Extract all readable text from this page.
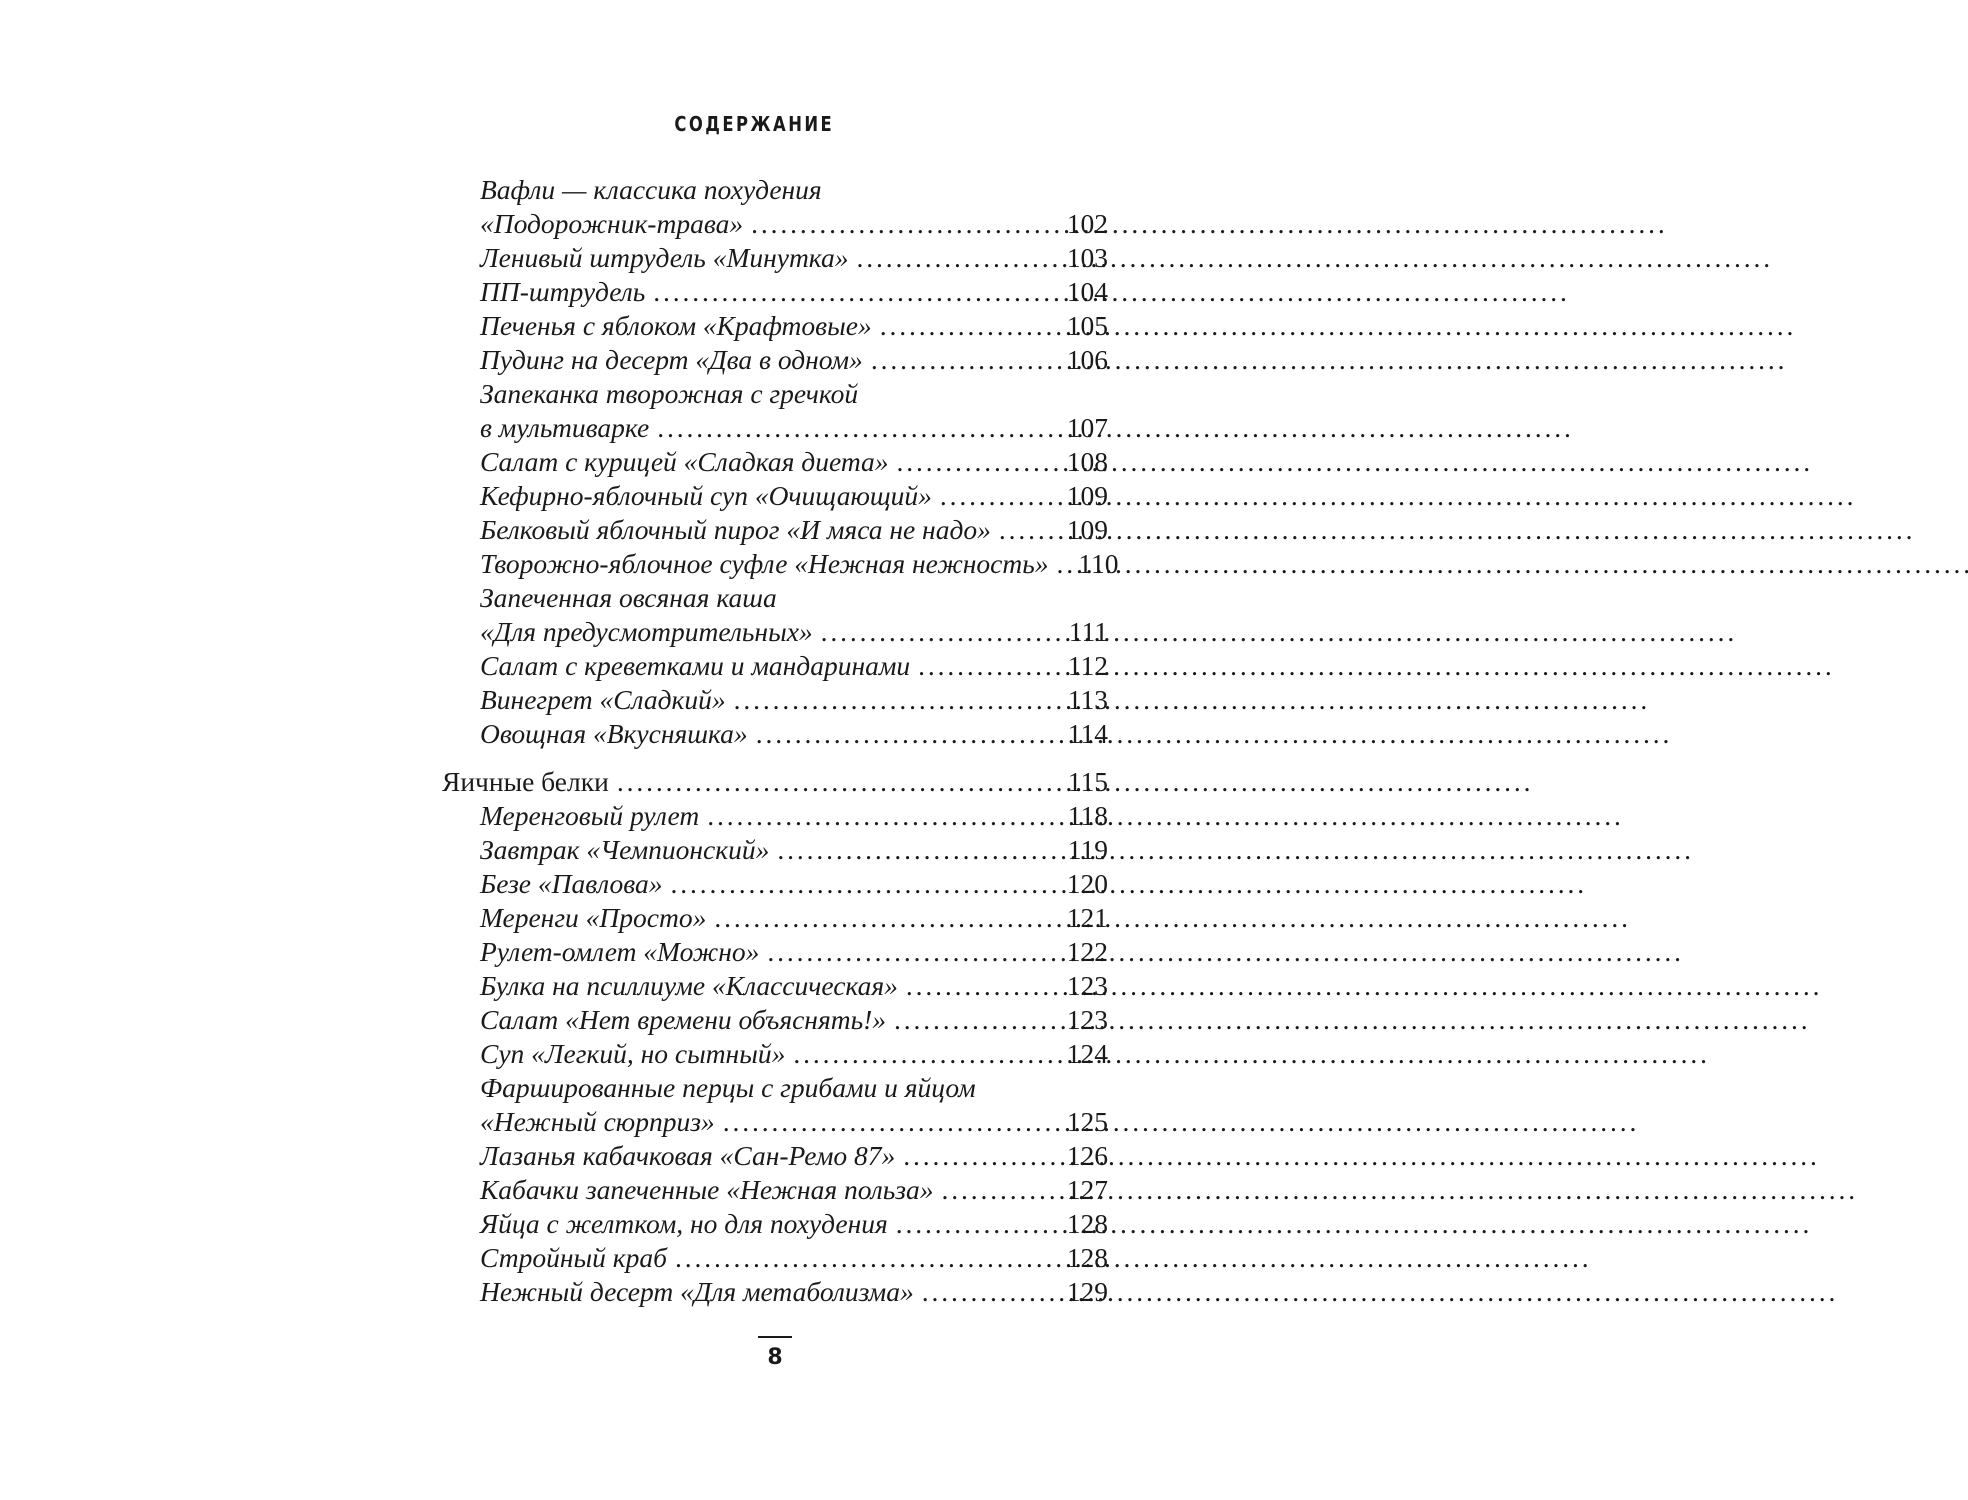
СОДЕРЖАНИЕ
Вафли — классика похудения
«Подорожник-трава» . . .	102
Ленивый штрудель «Минутка» . . .	103
ПП-штрудель . . .	104
Печенья с яблоком «Крафтовые» . . .	105
Пудинг на десерт «Два в одном» . . .	106
Запеканка творожная с гречкой
в мультиварке . . .	107
Салат с курицей «Сладкая диета» . . .	108
Кефирно-яблочный суп «Очищающий» . . .	109
Белковый яблочный пирог «И мяса не надо» . . .	109
Творожно-яблочное суфле «Нежная нежность» . . .	110
Запеченная овсяная каша
«Для предусмотрительных» . . .	111
Салат с креветками и мандаринами . . .	112
Винегрет «Сладкий» . . .	113
Овощная «Вкусняшка» . . .	114
Яичные белки . . .	115
Меренговый рулет . . .	118
Завтрак «Чемпионский» . . .	119
Безе «Павлова» . . .	120
Меренги «Просто» . . .	121
Рулет-омлет «Можно» . . .	122
Булка на псиллиуме «Классическая» . . .	123
Салат «Нет времени объяснять!» . . .	123
Суп «Легкий, но сытный» . . .	124
Фаршированные перцы с грибами и яйцом
«Нежный сюрприз» . . .	125
Лазанья кабачковая «Сан-Ремо 87» . . .	126
Кабачки запеченные «Нежная польза» . . .	127
Яйца с желтком, но для похудения . . .	128
Стройный краб . . .	128
Нежный десерт «Для метаболизма» . . .	129
8
